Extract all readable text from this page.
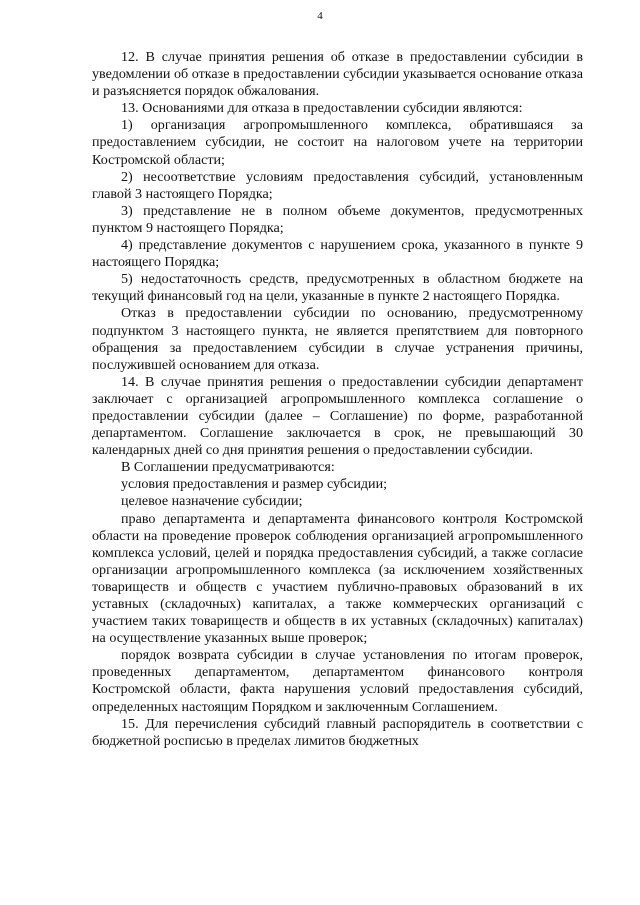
4

12. В случае принятия решения об отказе в предоставлении субсидии в уведомлении об отказе в предоставлении субсидии указывается основание отказа и разъясняется порядок обжалования.

13. Основаниями для отказа в предоставлении субсидии являются:

1) организация агропромышленного комплекса, обратившаяся за предоставлением субсидии, не состоит на налоговом учете на территории Костромской области;

2) несоответствие условиям предоставления субсидий, установленным главой 3 настоящего Порядка;

3) представление не в полном объеме документов, предусмотренных пунктом 9 настоящего Порядка;

4) представление документов с нарушением срока, указанного в пункте 9 настоящего Порядка;

5) недостаточность средств, предусмотренных в областном бюджете на текущий финансовый год на цели, указанные в пункте 2 настоящего Порядка.

Отказ в предоставлении субсидии по основанию, предусмотренному подпунктом 3 настоящего пункта, не является препятствием для повторного обращения за предоставлением субсидии в случае устранения причины, послужившей основанием для отказа.

14. В случае принятия решения о предоставлении субсидии департамент заключает с организацией агропромышленного комплекса соглашение о предоставлении субсидии (далее – Соглашение) по форме, разработанной департаментом. Соглашение заключается в срок, не превышающий 30 календарных дней со дня принятия решения о предоставлении субсидии.

В Соглашении предусматриваются:

условия предоставления и размер субсидии;

целевое назначение субсидии;

право департамента и департамента финансового контроля Костромской области на проведение проверок соблюдения организацией агропромышленного комплекса условий, целей и порядка предоставления субсидий, а также согласие организации агропромышленного комплекса (за исключением хозяйственных товариществ и обществ с участием публично-правовых образований в их уставных (складочных) капиталах, а также коммерческих организаций с участием таких товариществ и обществ в их уставных (складочных) капиталах) на осуществление указанных выше проверок;

порядок возврата субсидии в случае установления по итогам проверок, проведенных департаментом, департаментом финансового контроля Костромской области, факта нарушения условий предоставления субсидий, определенных настоящим Порядком и заключенным Соглашением.

15. Для перечисления субсидий главный распорядитель в соответствии с бюджетной росписью в пределах лимитов бюджетных
